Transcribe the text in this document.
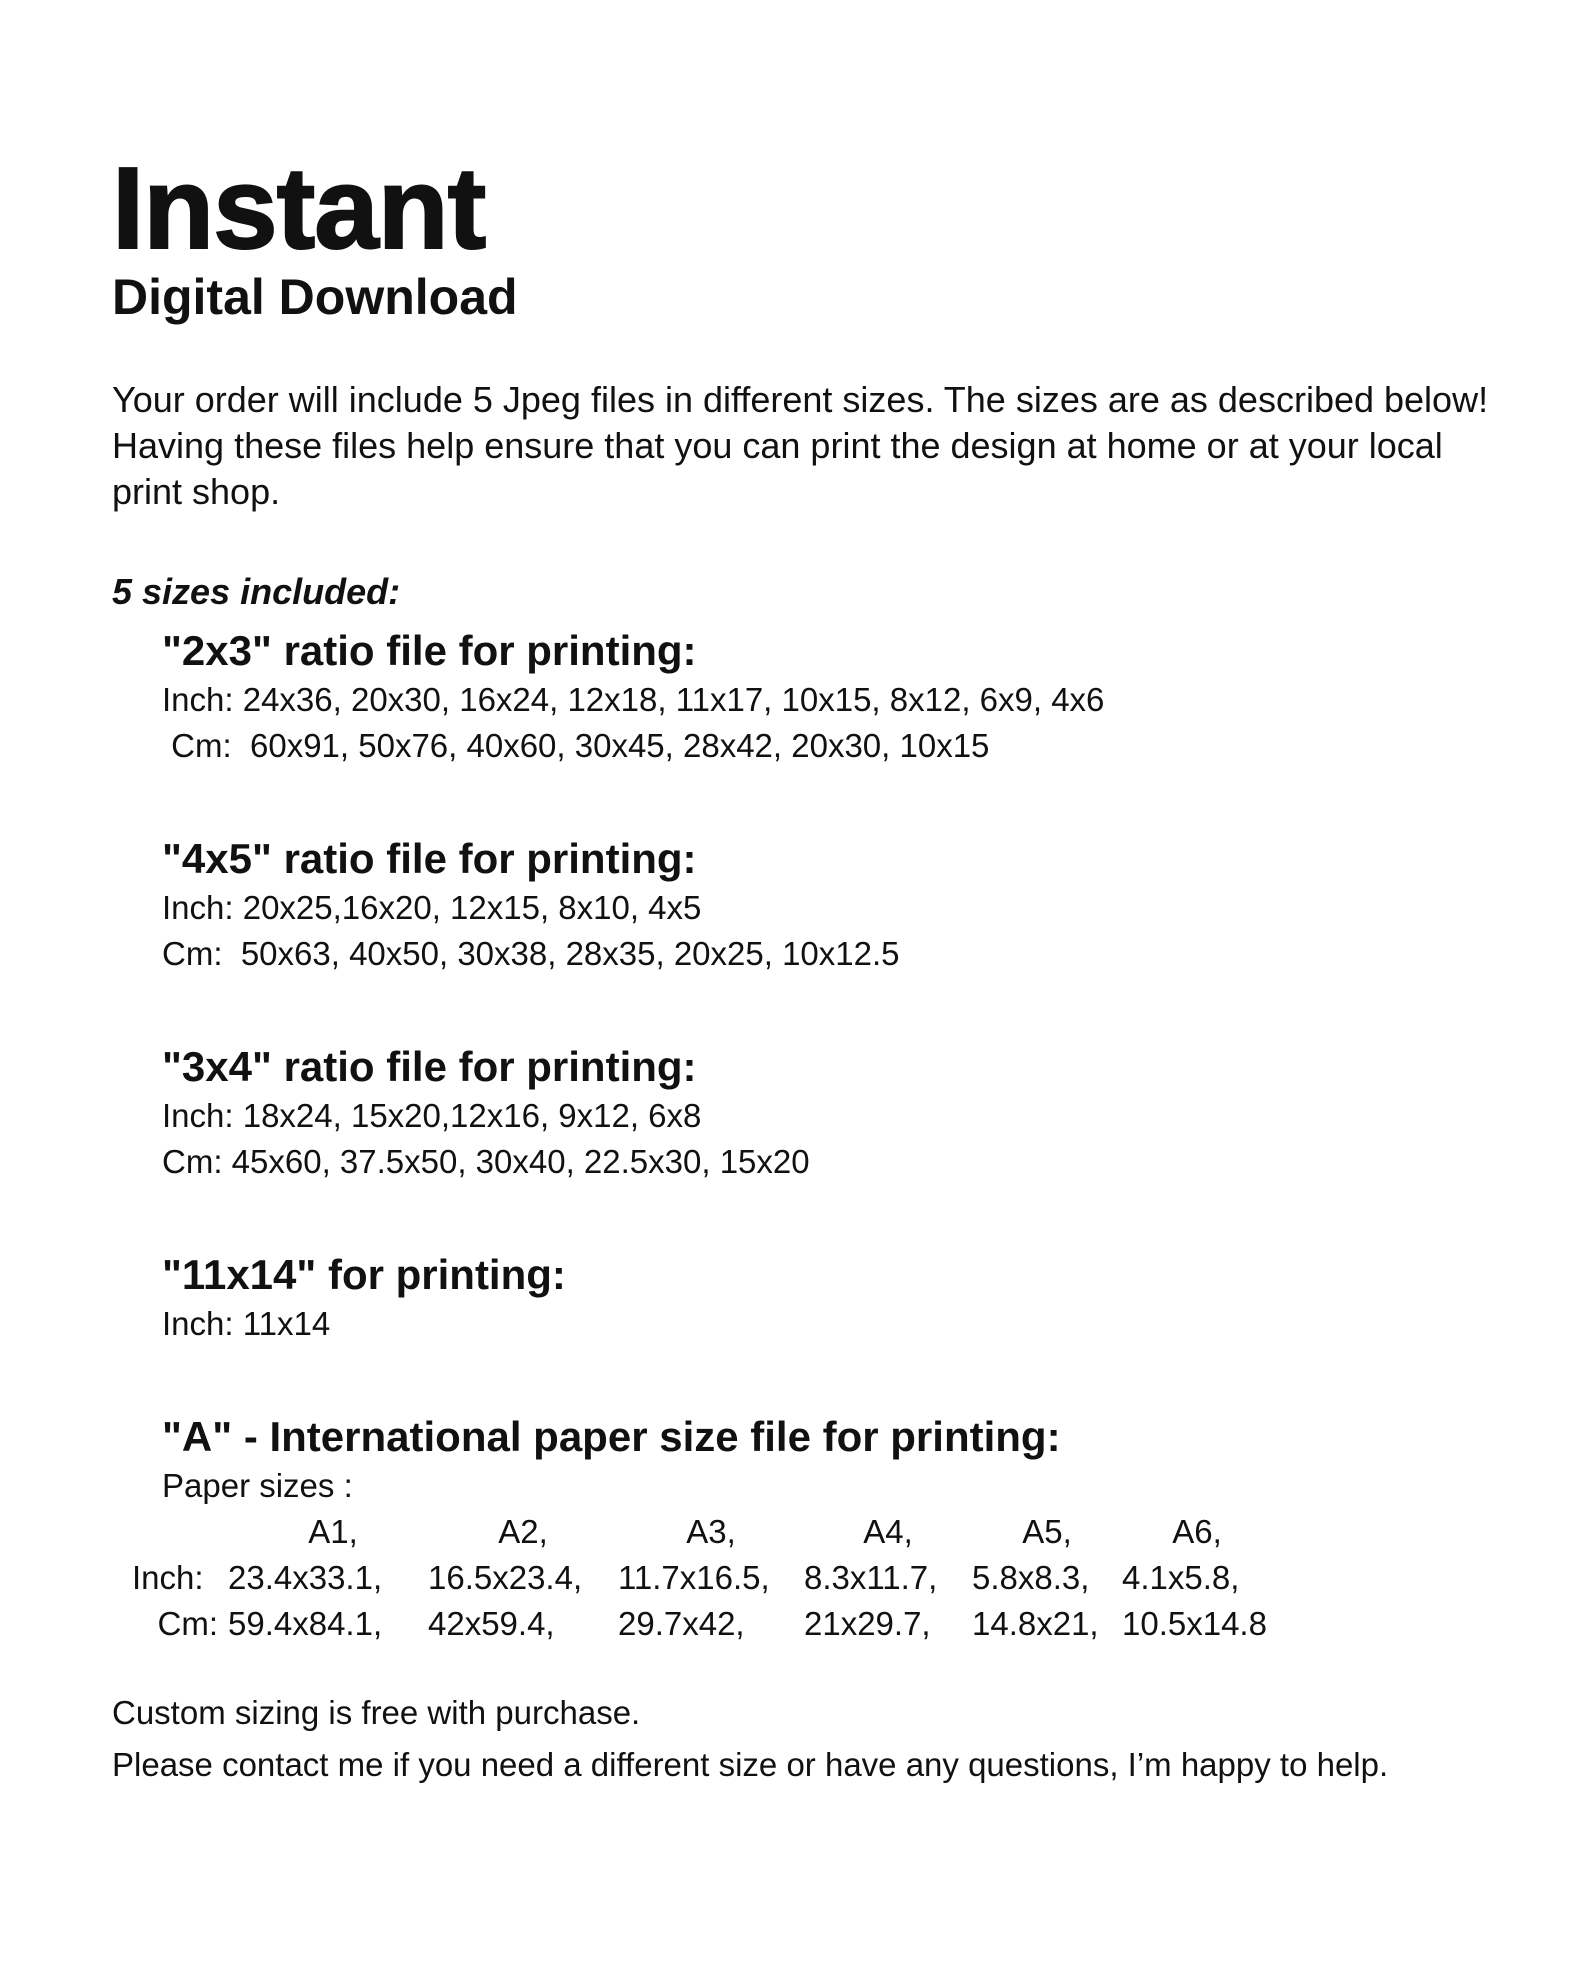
Instant
Digital Download
Your order will include 5 Jpeg files in different sizes. The sizes are as described below!
Having these files help ensure that you can print the design at home or at your local
print shop.

5 sizes included:

"2x3" ratio file for printing:

Inch: 24x36, 20x30, 16x24, 12x18, 11x17, 10x15, 8x12, 6x9, 4x6

Cm:  60x91, 50x76, 40x60, 30x45, 28x42, 20x30, 10x15

"4x5" ratio file for printing:

Inch: 20x25,16x20, 12x15, 8x10, 4x5

Cm:  50x63, 40x50, 30x38, 28x35, 20x25, 10x12.5

"3x4" ratio file for printing:

Inch: 18x24, 15x20,12x16, 9x12, 6x8

Cm: 45x60, 37.5x50, 30x40, 22.5x30, 15x20

"11x14" for printing:

Inch: 11x14

"A" - International paper size file for printing:

Paper sizes :

	A1,	A2,	A3,	A4,	A5,	A6,
Inch:	23.4x33.1,	16.5x23.4,	11.7x16.5,	8.3x11.7,	5.8x8.3,	4.1x5.8,
Cm:	59.4x84.1,	42x59.4,	29.7x42,	21x29.7,	14.8x21,	10.5x14.8

Custom sizing is free with purchase.

Please contact me if you need a different size or have any questions, I’m happy to help.
